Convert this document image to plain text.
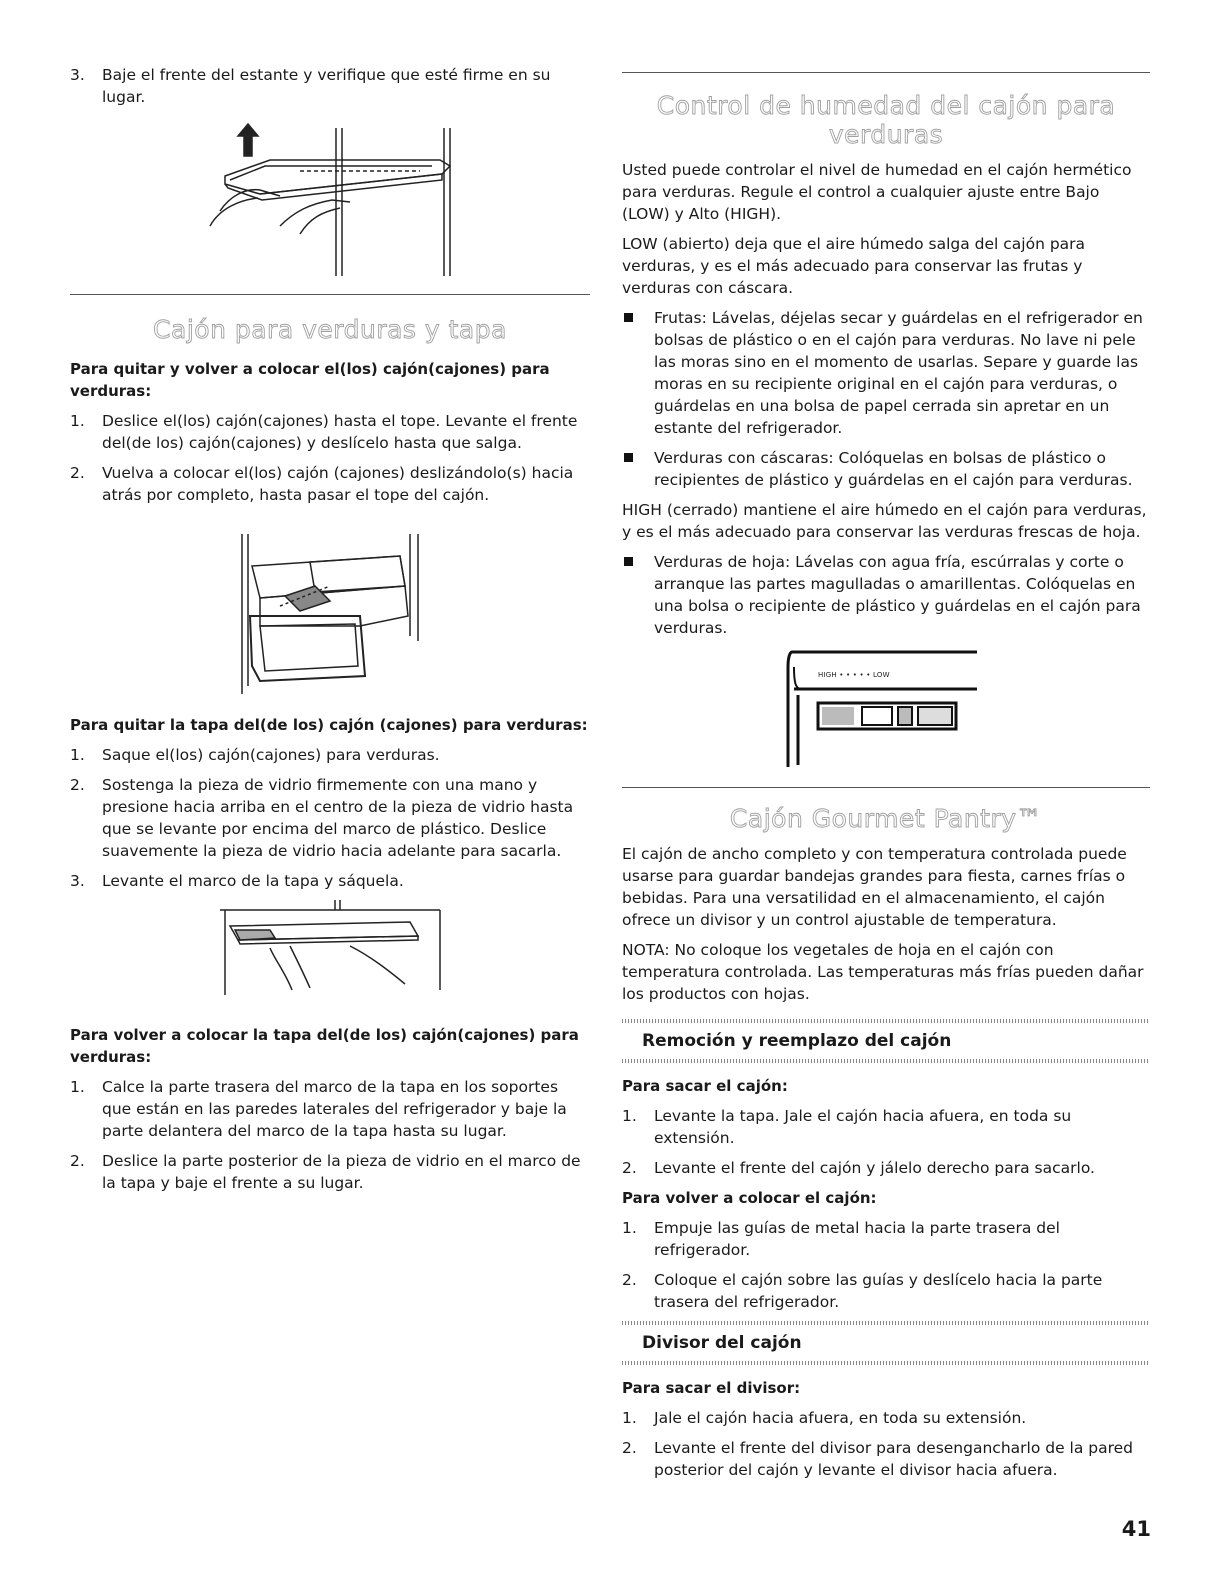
3. Baje el frente del estante y verifique que esté firme en su lugar.
Cajón para verduras y tapa

Para quitar y volver a colocar el(los) cajón(cajones) para verduras:

1. Deslice el(los) cajón(cajones) hasta el tope. Levante el frente del(de los) cajón(cajones) y deslícelo hasta que salga.
2. Vuelva a colocar el(los) cajón (cajones) deslizándolo(s) hacia atrás por completo, hasta pasar el tope del cajón.

Para quitar la tapa del(de los) cajón (cajones) para verduras:

1. Saque el(los) cajón(cajones) para verduras.
2. Sostenga la pieza de vidrio firmemente con una mano y presione hacia arriba en el centro de la pieza de vidrio hasta que se levante por encima del marco de plástico. Deslice suavemente la pieza de vidrio hacia adelante para sacarla.
3. Levante el marco de la tapa y sáquela.

Para volver a colocar la tapa del(de los) cajón(cajones) para verduras:

1. Calce la parte trasera del marco de la tapa en los soportes que están en las paredes laterales del refrigerador y baje la parte delantera del marco de la tapa hasta su lugar.
2. Deslice la parte posterior de la pieza de vidrio en el marco de la tapa y baje el frente a su lugar.
Control de humedad del cajón para verduras

Usted puede controlar el nivel de humedad en el cajón hermético para verduras. Regule el control a cualquier ajuste entre Bajo (LOW) y Alto (HIGH).

LOW (abierto) deja que el aire húmedo salga del cajón para verduras, y es el más adecuado para conservar las frutas y verduras con cáscara.

Frutas: Lávelas, déjelas secar y guárdelas en el refrigerador en bolsas de plástico o en el cajón para verduras. No lave ni pele las moras sino en el momento de usarlas. Separe y guarde las moras en su recipiente original en el cajón para verduras, o guárdelas en una bolsa de papel cerrada sin apretar en un estante del refrigerador.
Verduras con cáscaras: Colóquelas en bolsas de plástico o recipientes de plástico y guárdelas en el cajón para verduras.

HIGH (cerrado) mantiene el aire húmedo en el cajón para verduras, y es el más adecuado para conservar las verduras frescas de hoja.

Verduras de hoja: Lávelas con agua fría, escúrralas y corte o arranque las partes magulladas o amarillentas. Colóquelas en una bolsa o recipiente de plástico y guárdelas en el cajón para verduras.
HIGH • • • • • LOW
Cajón Gourmet Pantry™

El cajón de ancho completo y con temperatura controlada puede usarse para guardar bandejas grandes para fiesta, carnes frías o bebidas. Para una versatilidad en el almacenamiento, el cajón ofrece un divisor y un control ajustable de temperatura.

NOTA: No coloque los vegetales de hoja en el cajón con temperatura controlada. Las temperaturas más frías pueden dañar los productos con hojas.

Remoción y reemplazo del cajón

Para sacar el cajón:

1. Levante la tapa. Jale el cajón hacia afuera, en toda su extensión.
2. Levante el frente del cajón y jálelo derecho para sacarlo.

Para volver a colocar el cajón:

1. Empuje las guías de metal hacia la parte trasera del refrigerador.
2. Coloque el cajón sobre las guías y deslícelo hacia la parte trasera del refrigerador.
Divisor del cajón

Para sacar el divisor:

1. Jale el cajón hacia afuera, en toda su extensión.
2. Levante el frente del divisor para desengancharlo de la pared posterior del cajón y levante el divisor hacia afuera.
41
